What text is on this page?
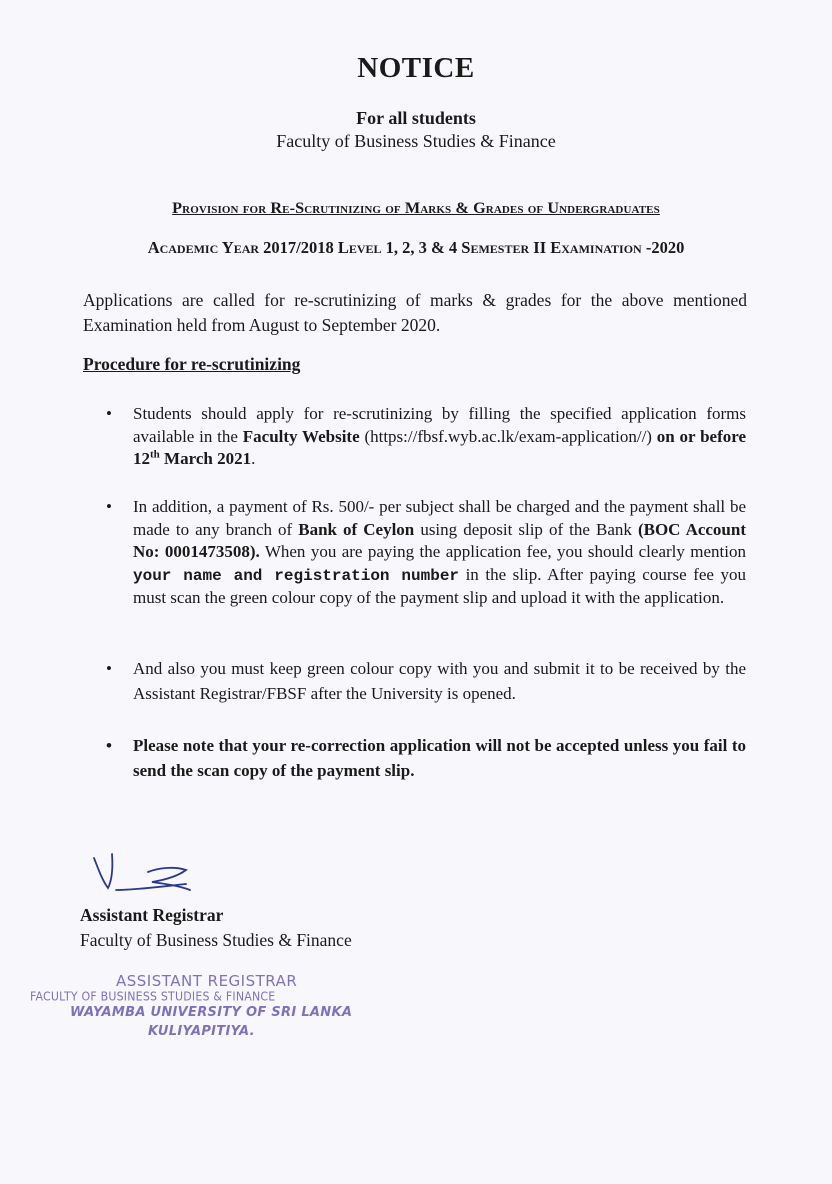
NOTICE
For all students
Faculty of Business Studies & Finance
Provision for Re-Scrutinizing of Marks & Grades of Undergraduates
Academic Year 2017/2018 Level 1, 2, 3 & 4 Semester II Examination -2020
Applications are called for re-scrutinizing of marks & grades for the above mentioned Examination held from August to September 2020.
Procedure for re-scrutinizing
•	Students should apply for re-scrutinizing by filling the specified application forms available in the Faculty Website (https://fbsf.wyb.ac.lk/exam-application//) on or before 12th March 2021.
•	In addition, a payment of Rs. 500/- per subject shall be charged and the payment shall be made to any branch of Bank of Ceylon using deposit slip of the Bank (BOC Account No: 0001473508). When you are paying the application fee, you should clearly mention your name and registration number in the slip. After paying course fee you must scan the green colour copy of the payment slip and upload it with the application.
•	And also you must keep green colour copy with you and submit it to be received by the Assistant Registrar/FBSF after the University is opened.
•	Please note that your re-correction application will not be accepted unless you fail to send the scan copy of the payment slip.
Assistant Registrar
Faculty of Business Studies & Finance
ASSISTANT REGISTRAR
FACULTY OF BUSINESS STUDIES & FINANCE
WAYAMBA UNIVERSITY OF SRI LANKA
KULIYAPITIYA.
